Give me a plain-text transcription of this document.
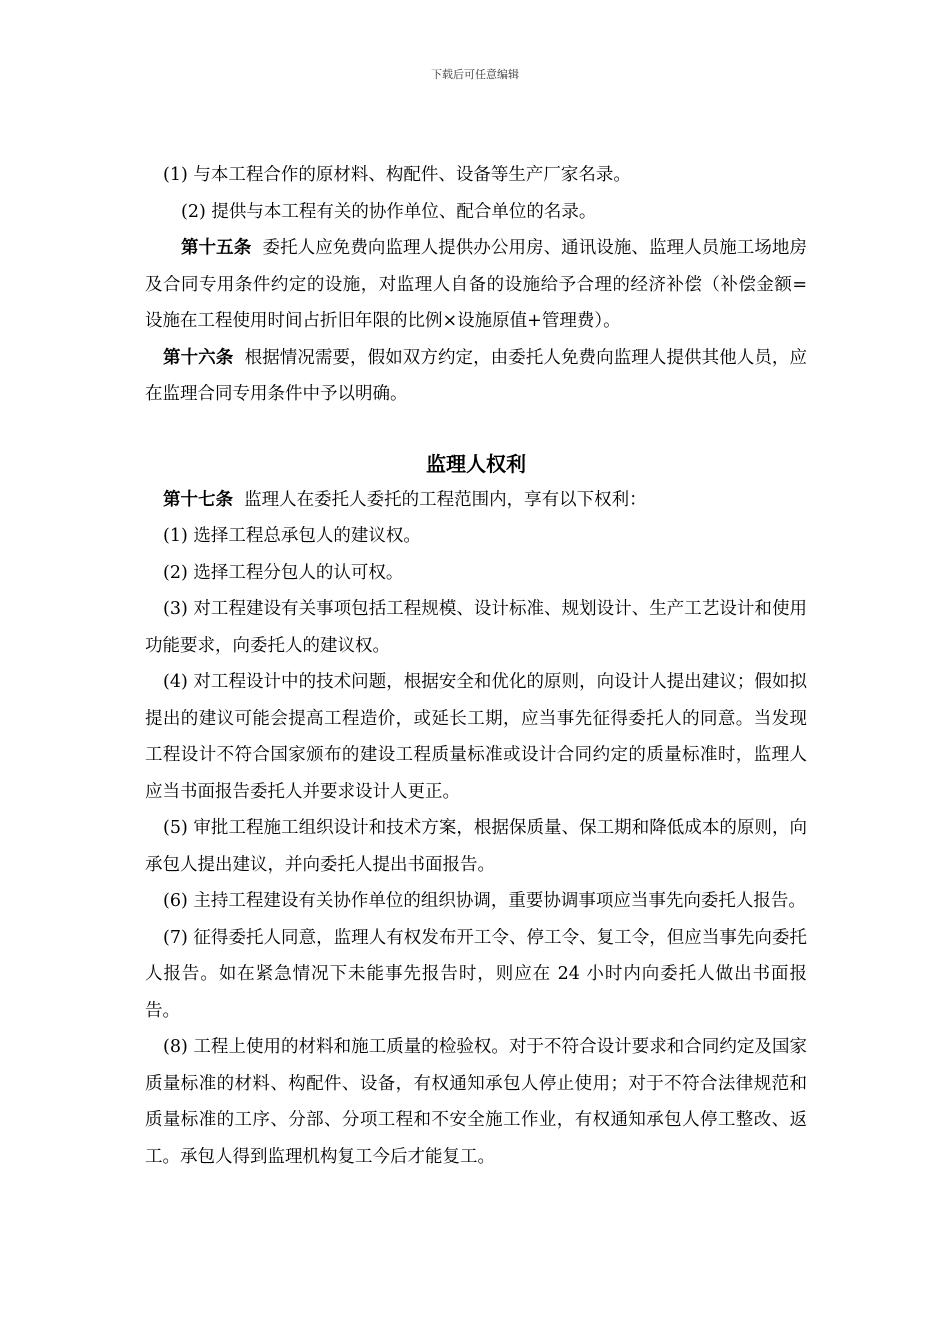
下载后可任意编辑

(1) 与本工程合作的原材料、构配件、设备等生产厂家名录。

(2) 提供与本工程有关的协作单位、配合单位的名录。

第十五条 委托人应免费向监理人提供办公用房、通讯设施、监理人员施工场地房及合同专用条件约定的设施，对监理人自备的设施给予合理的经济补偿（补偿金额=设施在工程使用时间占折旧年限的比例×设施原值+管理费）。

第十六条 根据情况需要，假如双方约定，由委托人免费向监理人提供其他人员，应在监理合同专用条件中予以明确。

监理人权利

第十七条 监理人在委托人委托的工程范围内，享有以下权利：

(1) 选择工程总承包人的建议权。

(2) 选择工程分包人的认可权。

(3) 对工程建设有关事项包括工程规模、设计标准、规划设计、生产工艺设计和使用功能要求，向委托人的建议权。

(4) 对工程设计中的技术问题，根据安全和优化的原则，向设计人提出建议；假如拟提出的建议可能会提高工程造价，或延长工期，应当事先征得委托人的同意。当发现工程设计不符合国家颁布的建设工程质量标准或设计合同约定的质量标准时，监理人应当书面报告委托人并要求设计人更正。

(5) 审批工程施工组织设计和技术方案，根据保质量、保工期和降低成本的原则，向承包人提出建议，并向委托人提出书面报告。

(6) 主持工程建设有关协作单位的组织协调，重要协调事项应当事先向委托人报告。

(7) 征得委托人同意，监理人有权发布开工令、停工令、复工令，但应当事先向委托人报告。如在紧急情况下未能事先报告时，则应在 24 小时内向委托人做出书面报告。

(8) 工程上使用的材料和施工质量的检验权。对于不符合设计要求和合同约定及国家质量标准的材料、构配件、设备，有权通知承包人停止使用；对于不符合法律规范和质量标准的工序、分部、分项工程和不安全施工作业，有权通知承包人停工整改、返工。承包人得到监理机构复工今后才能复工。
